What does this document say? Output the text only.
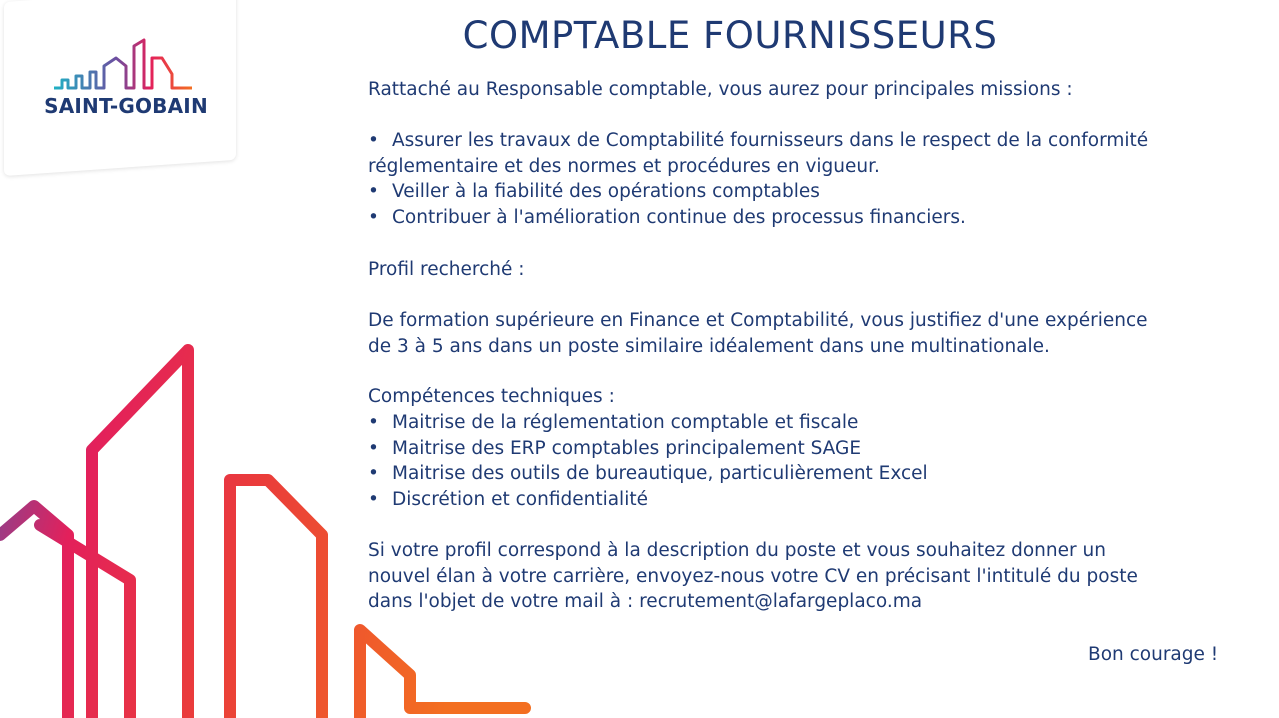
SAINT-GOBAIN
COMPTABLE FOURNISSEURS

Rattaché au Responsable comptable, vous aurez pour principales missions :

• Assurer les travaux de Comptabilité fournisseurs dans le respect de la conformité
réglementaire et des normes et procédures en vigueur.
• Veiller à la fiabilité des opérations comptables
• Contribuer à l'amélioration continue des processus financiers.

Profil recherché :

De formation supérieure en Finance et Comptabilité, vous justifiez d'une expérience
de 3 à 5 ans dans un poste similaire idéalement dans une multinationale.

Compétences techniques :

• Maitrise de la réglementation comptable et fiscale
• Maitrise des ERP comptables principalement SAGE
• Maitrise des outils de bureautique, particulièrement Excel
• Discrétion et confidentialité
Si votre profil correspond à la description du poste et vous souhaitez donner un
nouvel élan à votre carrière, envoyez-nous votre CV en précisant l'intitulé du poste
dans l'objet de votre mail à : recrutement@lafargeplaco.ma

Bon courage !
